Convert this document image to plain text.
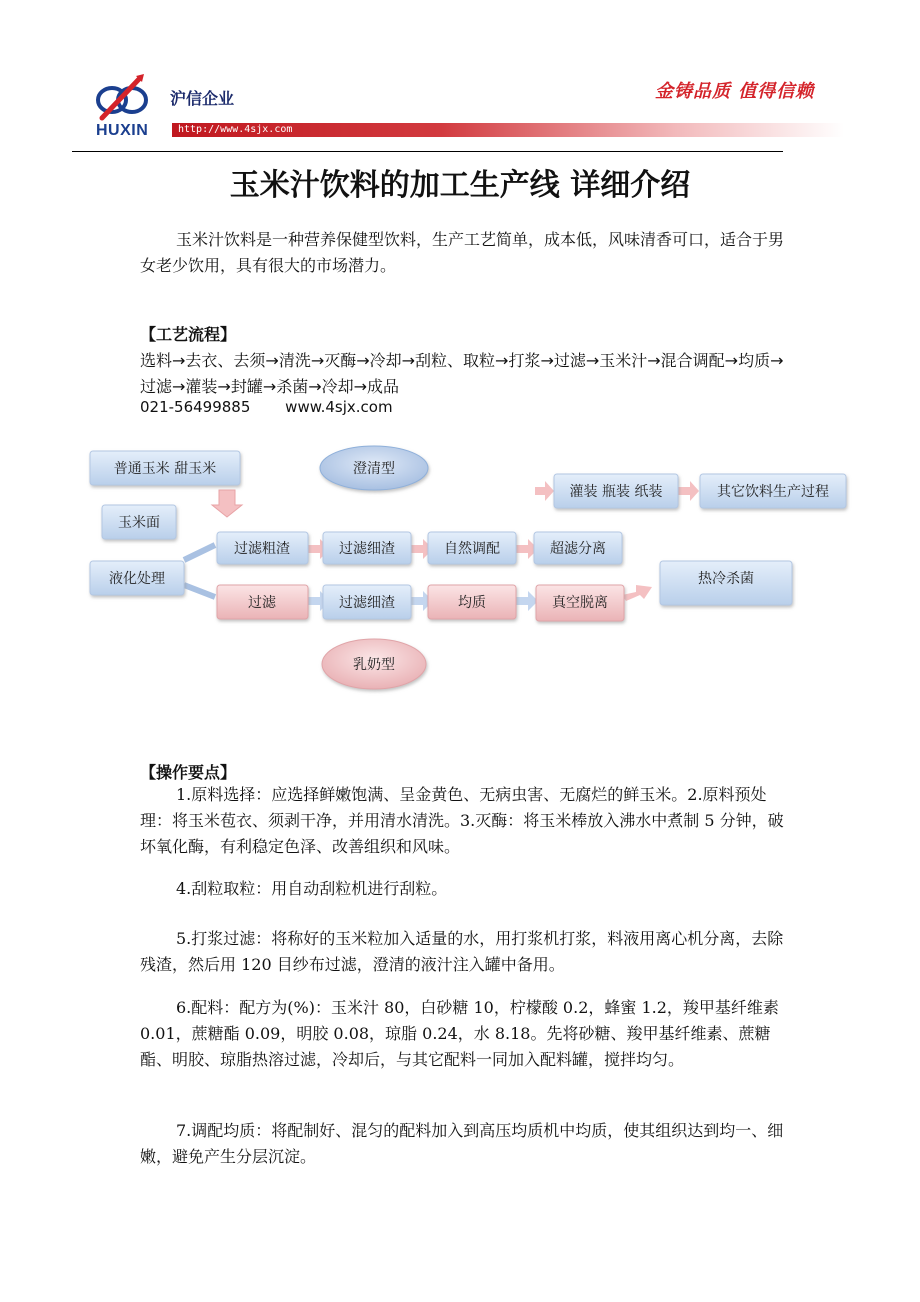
HUXIN
沪信企业	金铸品质 值得信赖
http://www.4sjx.com
玉米汁饮料的加工生产线 详细介绍
玉米汁饮料是一种营养保健型饮料，生产工艺简单，成本低，风味清香可口，适合于男女老少饮用，具有很大的市场潜力。
【工艺流程】
选料→去衣、去须→清洗→灭酶→冷却→刮粒、取粒→打浆→过滤→玉米汁→混合调配→均质→过滤→灌装→封罐→杀菌→冷却→成品
021-56499885 www.4sjx.com
普通玉米 甜玉米
玉米面
液化处理
澄清型
过滤粗渣	过滤细渣	自然调配	超滤分离
灌装 瓶装 纸装	其它饮料生产过程
过滤	过滤细渣	均质	真空脱离
热冷杀菌
乳奶型
【操作要点】
1.原料选择：应选择鲜嫩饱满、呈金黄色、无病虫害、无腐烂的鲜玉米。2.原料预处理：将玉米苞衣、须剥干净，并用清水清洗。3.灭酶：将玉米棒放入沸水中煮制 5 分钟，破坏氧化酶，有利稳定色泽、改善组织和风味。
4.刮粒取粒：用自动刮粒机进行刮粒。
5.打浆过滤：将称好的玉米粒加入适量的水，用打浆机打浆，料液用离心机分离，去除残渣，然后用 120 目纱布过滤，澄清的液汁注入罐中备用。
6.配料：配方为(%)：玉米汁 80，白砂糖 10，柠檬酸 0.2，蜂蜜 1.2，羧甲基纤维素 0.01，蔗糖酯 0.09，明胶 0.08，琼脂 0.24，水 8.18。先将砂糖、羧甲基纤维素、蔗糖酯、明胶、琼脂热溶过滤，冷却后，与其它配料一同加入配料罐，搅拌均匀。
7.调配均质：将配制好、混匀的配料加入到高压均质机中均质，使其组织达到均一、细嫩，避免产生分层沉淀。
